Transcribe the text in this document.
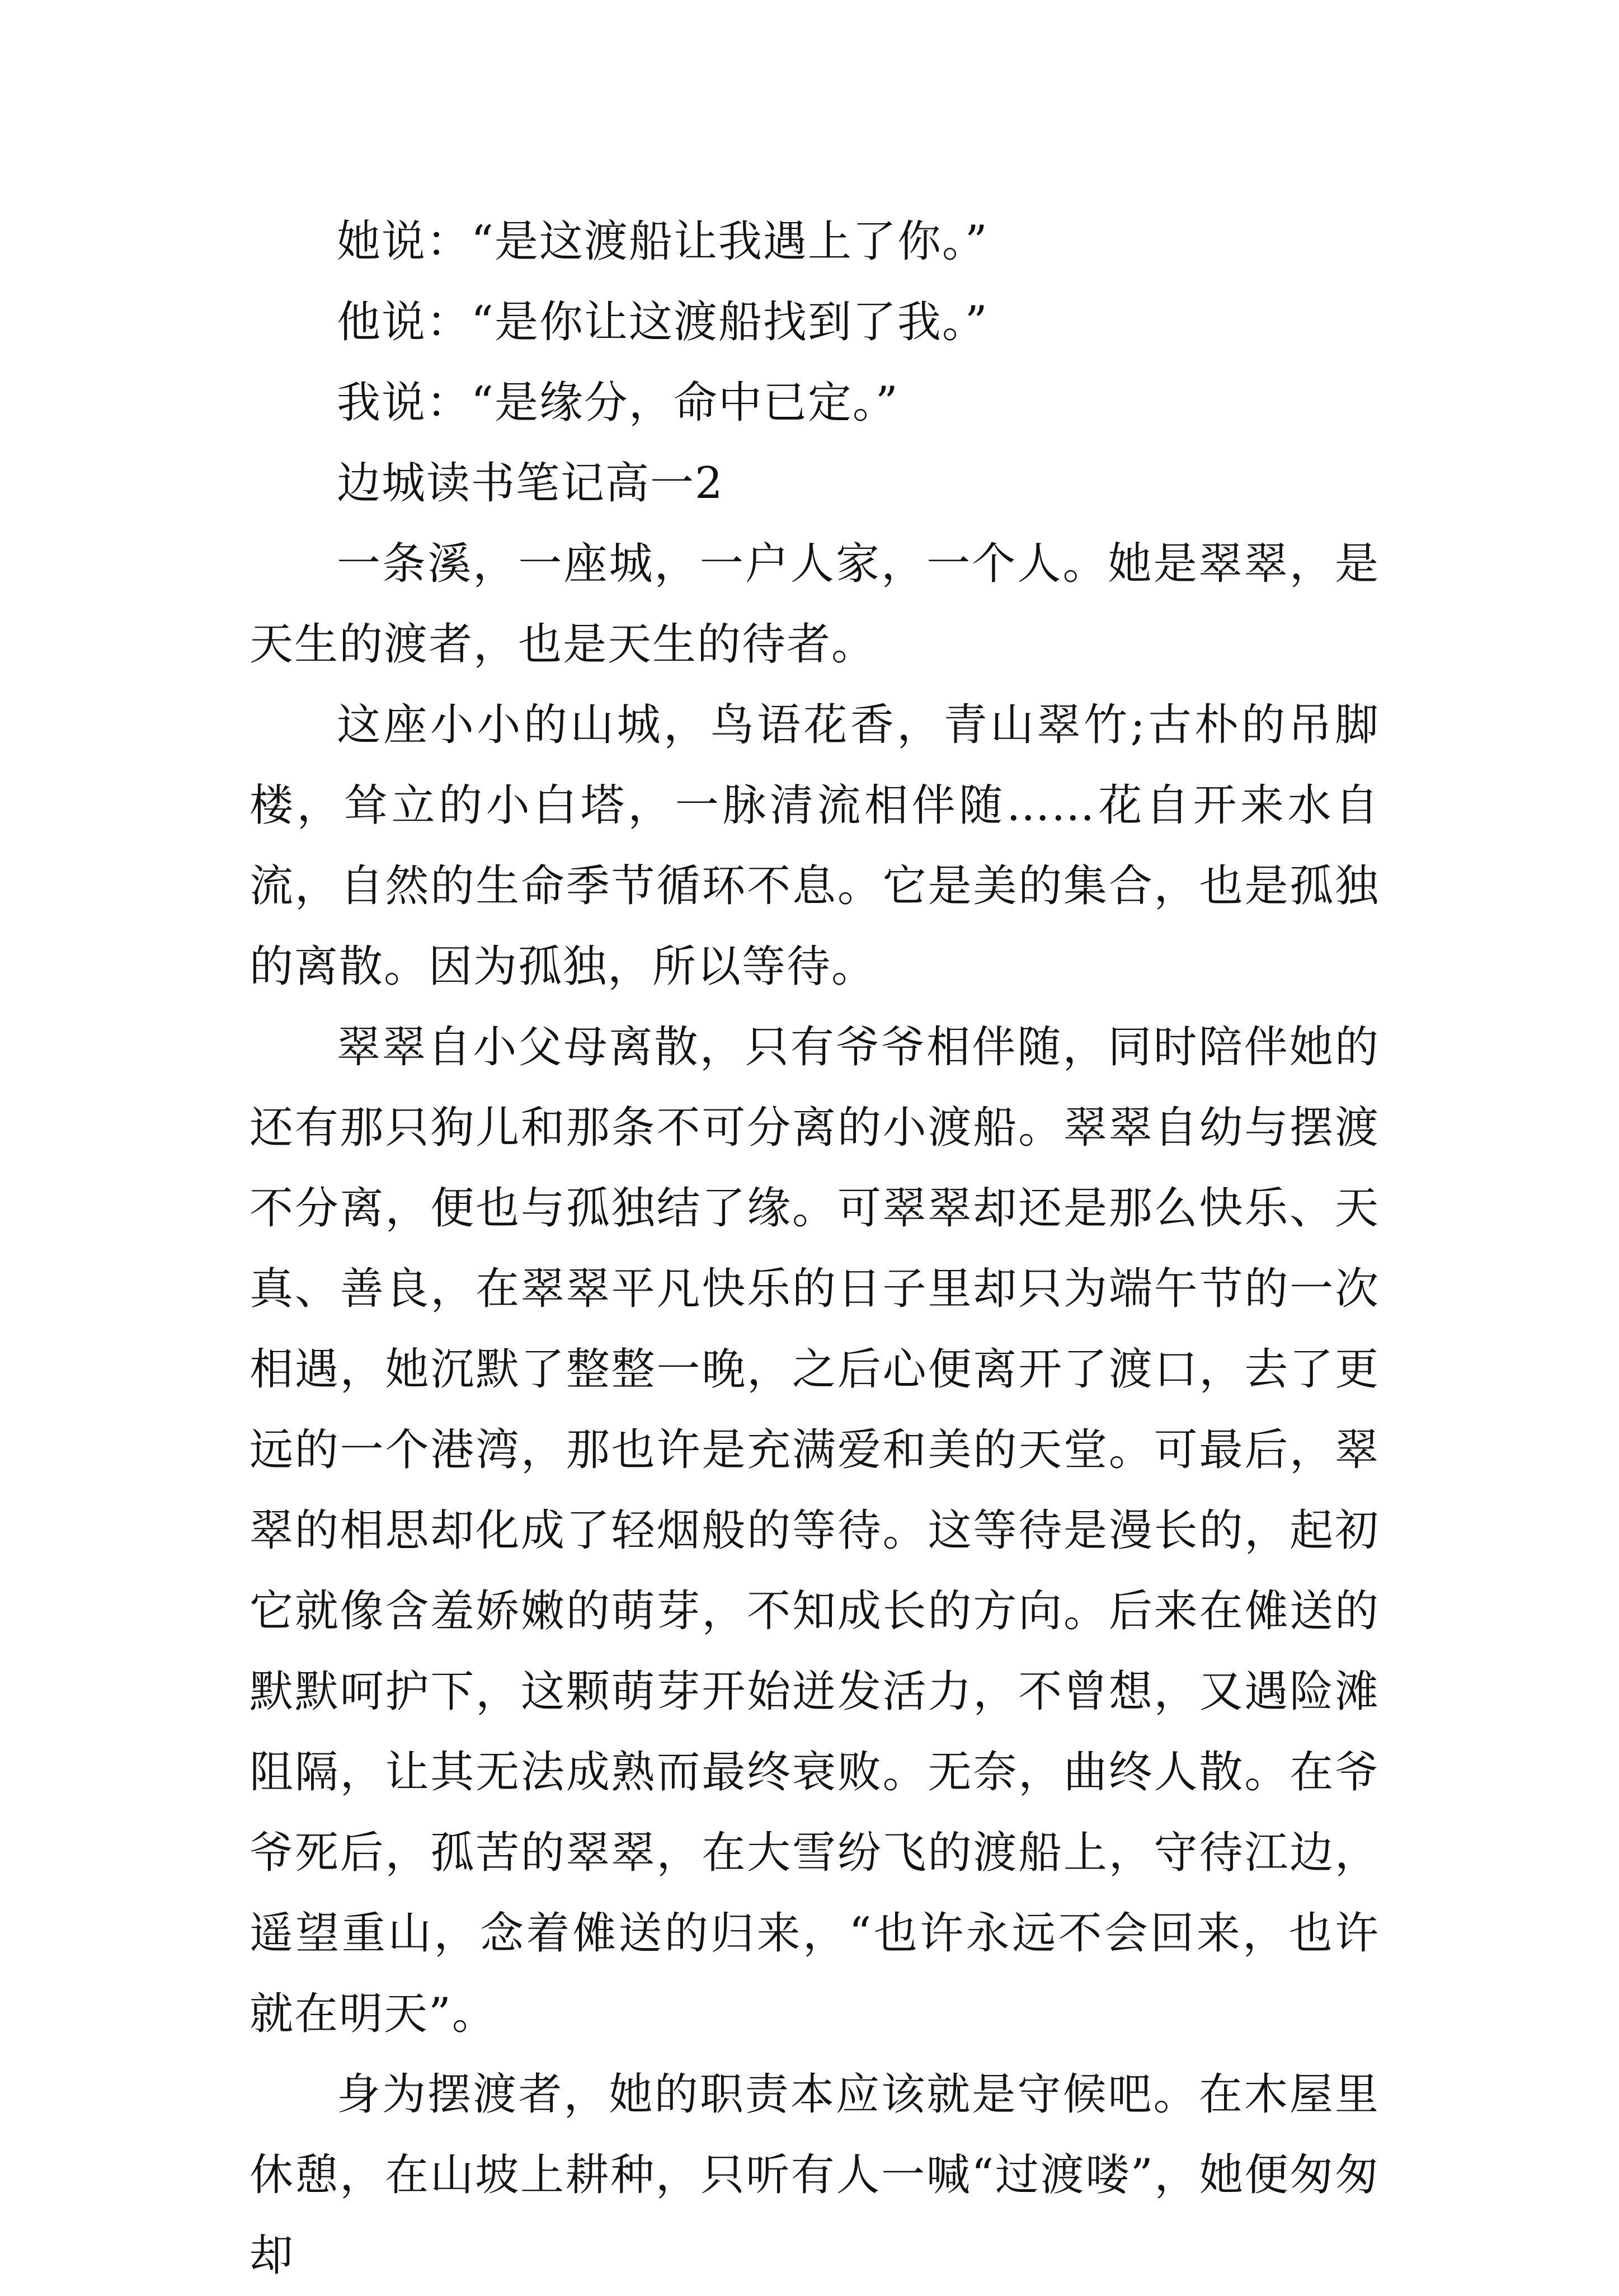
她说：“是这渡船让我遇上了你。”

他说：“是你让这渡船找到了我。”

我说：“是缘分，命中已定。”

边城读书笔记高一2

一条溪，一座城，一户人家，一个人。她是翠翠，是天生的渡者，也是天生的待者。

这座小小的山城，鸟语花香，青山翠竹;古朴的吊脚楼，耸立的小白塔，一脉清流相伴随……花自开来水自流，自然的生命季节循环不息。它是美的集合，也是孤独的离散。因为孤独，所以等待。

翠翠自小父母离散，只有爷爷相伴随，同时陪伴她的还有那只狗儿和那条不可分离的小渡船。翠翠自幼与摆渡不分离，便也与孤独结了缘。可翠翠却还是那么快乐、天真、善良，在翠翠平凡快乐的日子里却只为端午节的一次相遇，她沉默了整整一晚，之后心便离开了渡口，去了更远的一个港湾，那也许是充满爱和美的天堂。可最后，翠翠的相思却化成了轻烟般的等待。这等待是漫长的，起初它就像含羞娇嫩的萌芽，不知成长的方向。后来在傩送的默默呵护下，这颗萌芽开始迸发活力，不曾想，又遇险滩阻隔，让其无法成熟而最终衰败。无奈，曲终人散。在爷爷死后，孤苦的翠翠，在大雪纷飞的渡船上，守待江边，遥望重山，念着傩送的归来，“也许永远不会回来，也许就在明天”。

身为摆渡者，她的职责本应该就是守候吧。在木屋里休憩，在山坡上耕种，只听有人一喊“过渡喽”，她便匆匆却
